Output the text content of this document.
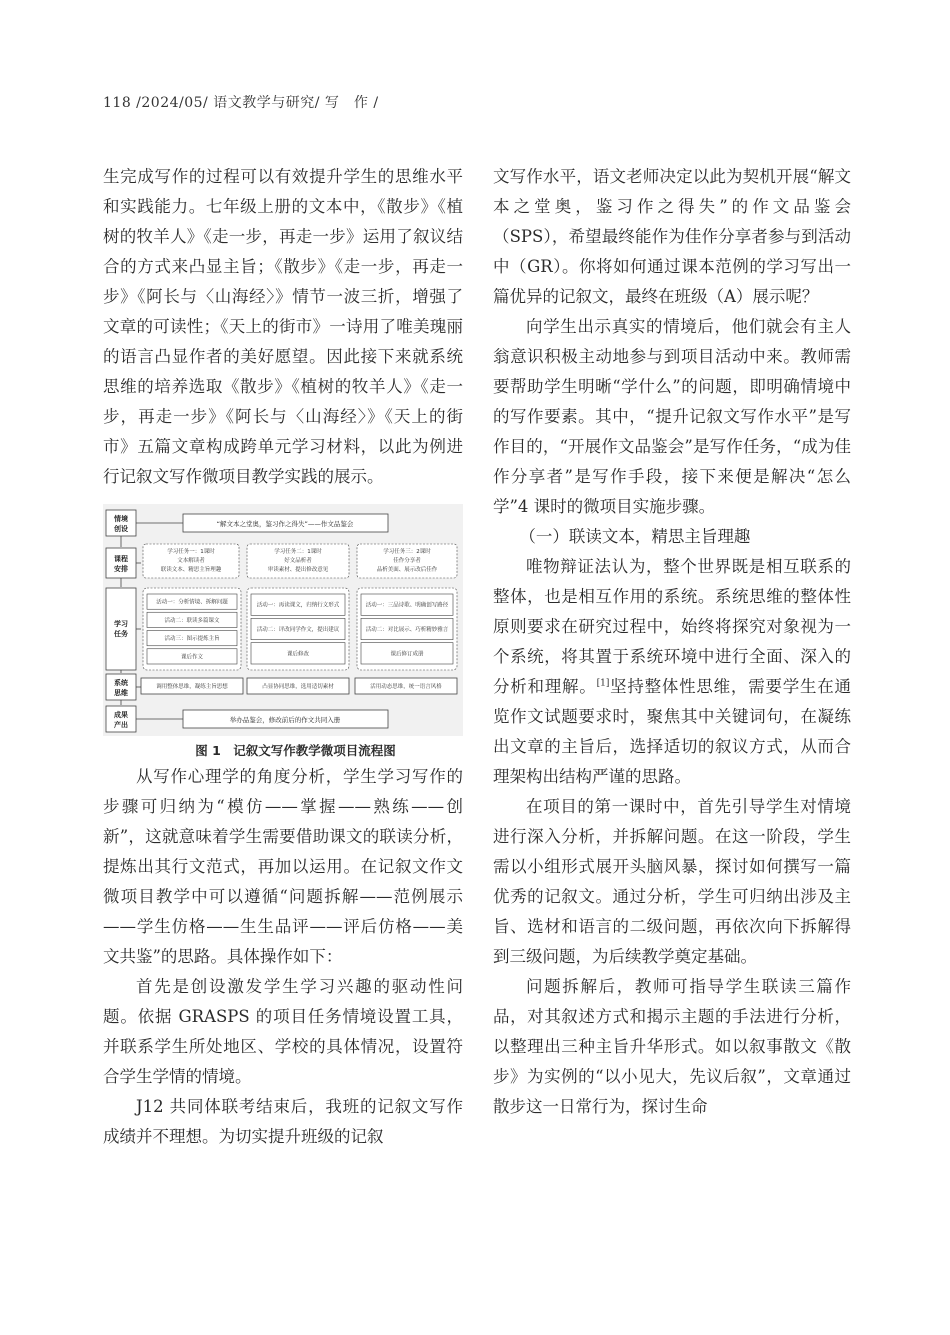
118 /2024/05/ 语文教学与研究/ 写　作 /

生完成写作的过程可以有效提升学生的思维水平和实践能力。七年级上册的文本中，《散步》《植树的牧羊人》《走一步，再走一步》运用了叙议结合的方式来凸显主旨；《散步》《走一步，再走一步》《阿长与〈山海经〉》情节一波三折，增强了文章的可读性；《天上的街市》一诗用了唯美瑰丽的语言凸显作者的美好愿望。因此接下来就系统思维的培养选取《散步》《植树的牧羊人》《走一步，再走一步》《阿长与〈山海经〉》《天上的街市》五篇文章构成跨单元学习材料，以此为例进行记叙文写作微项目教学实践的展示。

情境
创设
课程
安排
学习
任务
系统
思维
成果
产出
“解文本之堂奥，鉴习作之得失”——作文品鉴会
学习任务一：1课时
文本解读者
联读文本、精思主旨理趣
学习任务二：1课时
好文品析者
审读素材、提出修改意见
学习任务三：2课时
佳作分享者
品析美面、展示改后佳作
活动一：分析情境、拆解问题
活动二：联读多篇课文
活动三：图示提炼主旨
课后作文
活动一：再读课文，归纳行文形式
活动二：评改同学作文，提出建议
课后修改
活动一：三品诗歌、明确创写路径
活动二：对比展示、巧析精妙雅言
课后修订成册
调用整体思维，凝练主旨思想	凸显协同思维，选用适切素材	活用动态思维，统一语言风格
举办品鉴会，修改前后的作文共同入册

图 1　记叙文写作教学微项目流程图

从写作心理学的角度分析，学生学习写作的步骤可归纳为“模仿——掌握——熟练——创新”，这就意味着学生需要借助课文的联读分析，提炼出其行文范式，再加以运用。在记叙文作文微项目教学中可以遵循“问题拆解——范例展示——学生仿格——生生品评——评后仿格——美文共鉴”的思路。具体操作如下：

首先是创设激发学生学习兴趣的驱动性问题。依据 GRASPS 的项目任务情境设置工具，并联系学生所处地区、学校的具体情况，设置符合学生学情的情境。

J12 共同体联考结束后，我班的记叙文写作成绩并不理想。为切实提升班级的记叙

文写作水平，语文老师决定以此为契机开展“解文本之堂奥，鉴习作之得失”的作文品鉴会（SPS），希望最终能作为佳作分享者参与到活动中（GR）。你将如何通过课本范例的学习写出一篇优异的记叙文，最终在班级（A）展示呢？

向学生出示真实的情境后，他们就会有主人翁意识积极主动地参与到项目活动中来。教师需要帮助学生明晰“学什么”的问题，即明确情境中的写作要素。其中，“提升记叙文写作水平”是写作目的，“开展作文品鉴会”是写作任务，“成为佳作分享者”是写作手段，接下来便是解决“怎么学”4 课时的微项目实施步骤。

（一）联读文本，精思主旨理趣

唯物辩证法认为，整个世界既是相互联系的整体，也是相互作用的系统。系统思维的整体性原则要求在研究过程中，始终将探究对象视为一个系统，将其置于系统环境中进行全面、深入的分析和理解。[1]坚持整体性思维，需要学生在通览作文试题要求时，聚焦其中关键词句，在凝练出文章的主旨后，选择适切的叙议方式，从而合理架构出结构严谨的思路。

在项目的第一课时中，首先引导学生对情境进行深入分析，并拆解问题。在这一阶段，学生需以小组形式展开头脑风暴，探讨如何撰写一篇优秀的记叙文。通过分析，学生可归纳出涉及主旨、选材和语言的二级问题，再依次向下拆解得到三级问题，为后续教学奠定基础。

问题拆解后，教师可指导学生联读三篇作品，对其叙述方式和揭示主题的手法进行分析，以整理出三种主旨升华形式。如以叙事散文《散步》为实例的“以小见大，先议后叙”，文章通过散步这一日常行为，探讨生命
